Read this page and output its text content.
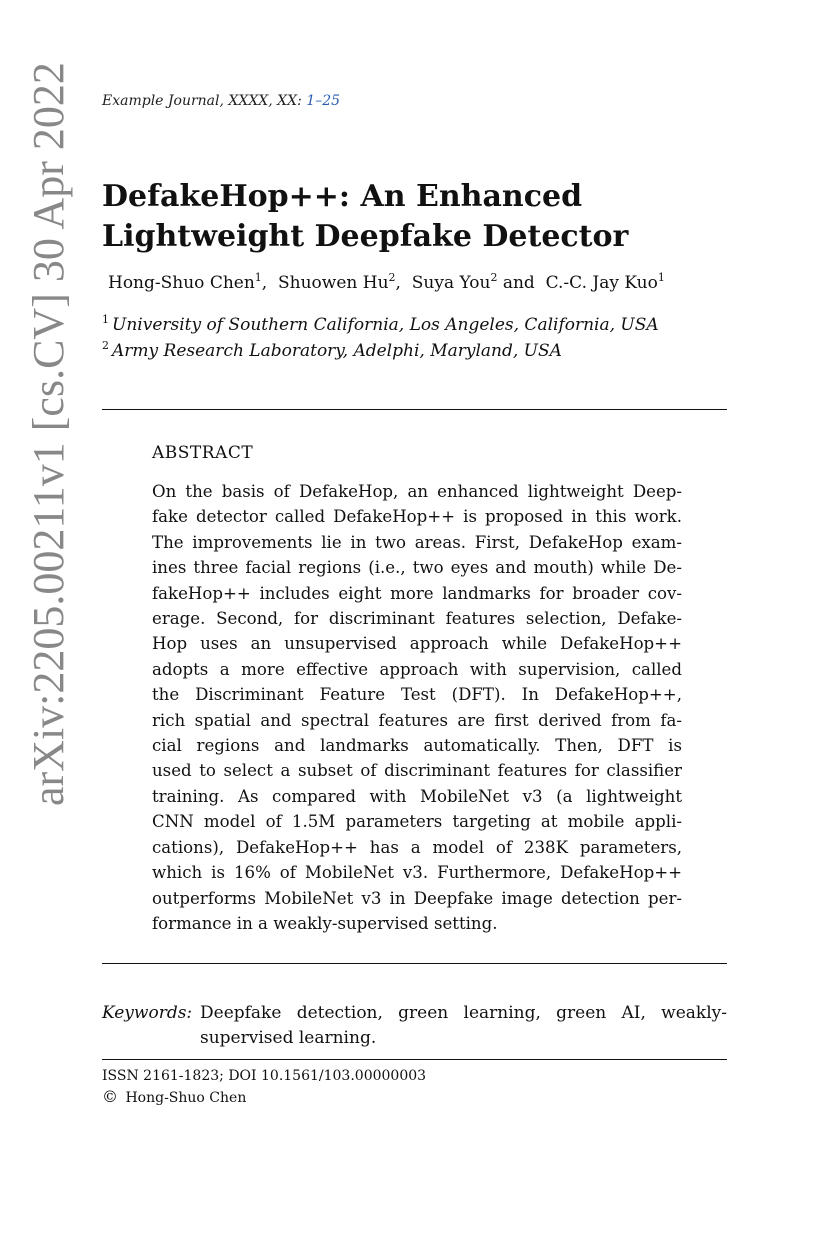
Example Journal, XXXX, XX: 1–25
arXiv:2205.00211v1 [cs.CV] 30 Apr 2022 DefakeHop++: An Enhanced
Lightweight Deepfake Detector
Hong-Shuo Chen$^1$,  Shuowen Hu$^2$,  Suya You$^2$ and C.-C. Jay Kuo$^1$
$^1$ University of Southern California, Los Angeles, California, USA
$^2$ Army Research Laboratory, Adelphi, Maryland, USA
ABSTRACT
On the basis of DefakeHop, an enhanced lightweight Deep-
fake detector called DefakeHop++ is proposed in this work.
The improvements lie in two areas. First, DefakeHop exam-
ines three facial regions (i.e., two eyes and mouth) while De-
fakeHop++ includes eight more landmarks for broader cov-
erage. Second, for discriminant features selection, Defake-
Hop uses an unsupervised approach while DefakeHop++
adopts a more effective approach with supervision, called
the Discriminant Feature Test (DFT). In DefakeHop++,
rich spatial and spectral features are first derived from fa-
cial regions and landmarks automatically. Then, DFT is
used to select a subset of discriminant features for classifier
training. As compared with MobileNet v3 (a lightweight
CNN model of 1.5M parameters targeting at mobile appli-
cations), DefakeHop++ has a model of 238K parameters,
which is 16% of MobileNet v3. Furthermore, DefakeHop++
outperforms MobileNet v3 in Deepfake image detection per-
formance in a weakly-supervised setting.
Keywords: Deepfake detection, green learning, green AI, weakly-
supervised learning.
ISSN 2161-1823; DOI 10.1561/103.00000003
© Hong-Shuo Chen
